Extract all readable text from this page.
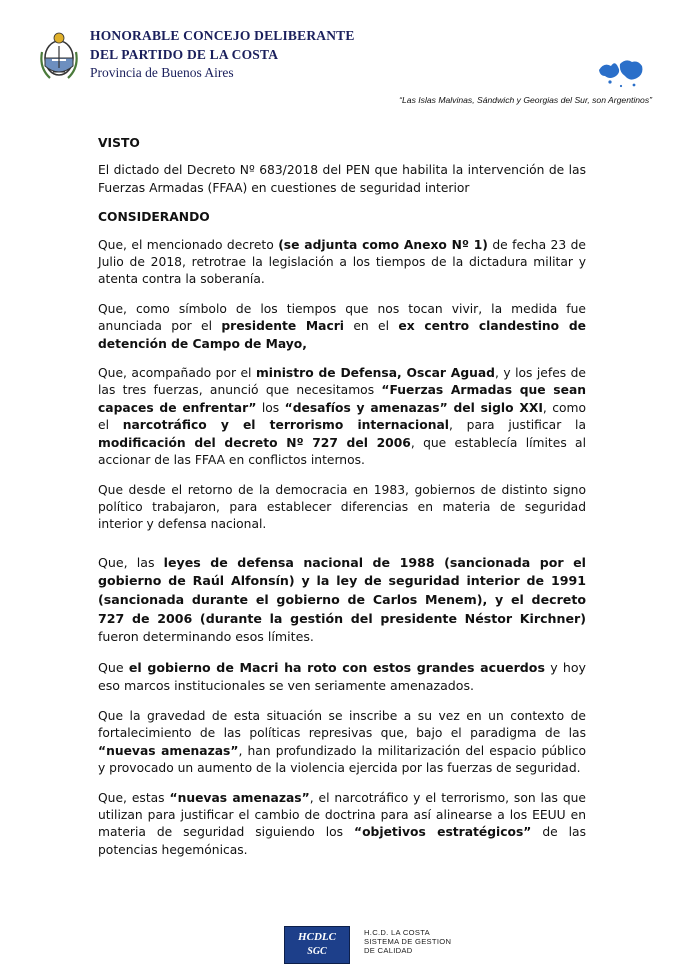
HONORABLE CONCEJO DELIBERANTE
DEL PARTIDO DE LA COSTA
Provincia de Buenos Aires
“Las Islas Malvinas, Sándwich y Georgias del Sur, son Argentinos”

VISTO

El dictado del Decreto Nº 683/2018 del PEN que habilita la intervención de las Fuerzas Armadas (FFAA) en cuestiones de seguridad interior

CONSIDERANDO

Que, el mencionado decreto (se adjunta como Anexo Nº 1) de fecha 23 de Julio de 2018, retrotrae la legislación a los tiempos de la dictadura militar y atenta contra la soberanía.

Que, como símbolo de los tiempos que nos tocan vivir, la medida fue anunciada por el presidente Macri en el ex centro clandestino de detención de Campo de Mayo,

Que, acompañado por el ministro de Defensa, Oscar Aguad, y los jefes de las tres fuerzas, anunció que necesitamos “Fuerzas Armadas que sean capaces de enfrentar” los “desafíos y amenazas” del siglo XXI, como el narcotráfico y el terrorismo internacional, para justificar la modificación del decreto Nº 727 del 2006, que establecía límites al accionar de las FFAA en conflictos internos.

Que desde el retorno de la democracia en 1983, gobiernos de distinto signo político trabajaron, para establecer diferencias en materia de seguridad interior y defensa nacional.

Que, las leyes de defensa nacional de 1988 (sancionada por el gobierno de Raúl Alfonsín) y la ley de seguridad interior de 1991 (sancionada durante el gobierno de Carlos Menem), y el decreto 727 de 2006 (durante la gestión del presidente Néstor Kirchner) fueron determinando esos límites.

Que el gobierno de Macri ha roto con estos grandes acuerdos y hoy eso marcos institucionales se ven seriamente amenazados.

Que la gravedad de esta situación se inscribe a su vez en un contexto de fortalecimiento de las políticas represivas que, bajo el paradigma de las “nuevas amenazas”, han profundizado la militarización del espacio público y provocado un aumento de la violencia ejercida por las fuerzas de seguridad.

Que, estas “nuevas amenazas”, el narcotráfico y el terrorismo, son las que utilizan para justificar el cambio de doctrina para así alinearse a los EEUU en materia de seguridad siguiendo los “objetivos estratégicos” de las potencias hegemónicas.

HCDLC
SGC
H.C.D. LA COSTA
SISTEMA DE GESTION
DE CALIDAD
